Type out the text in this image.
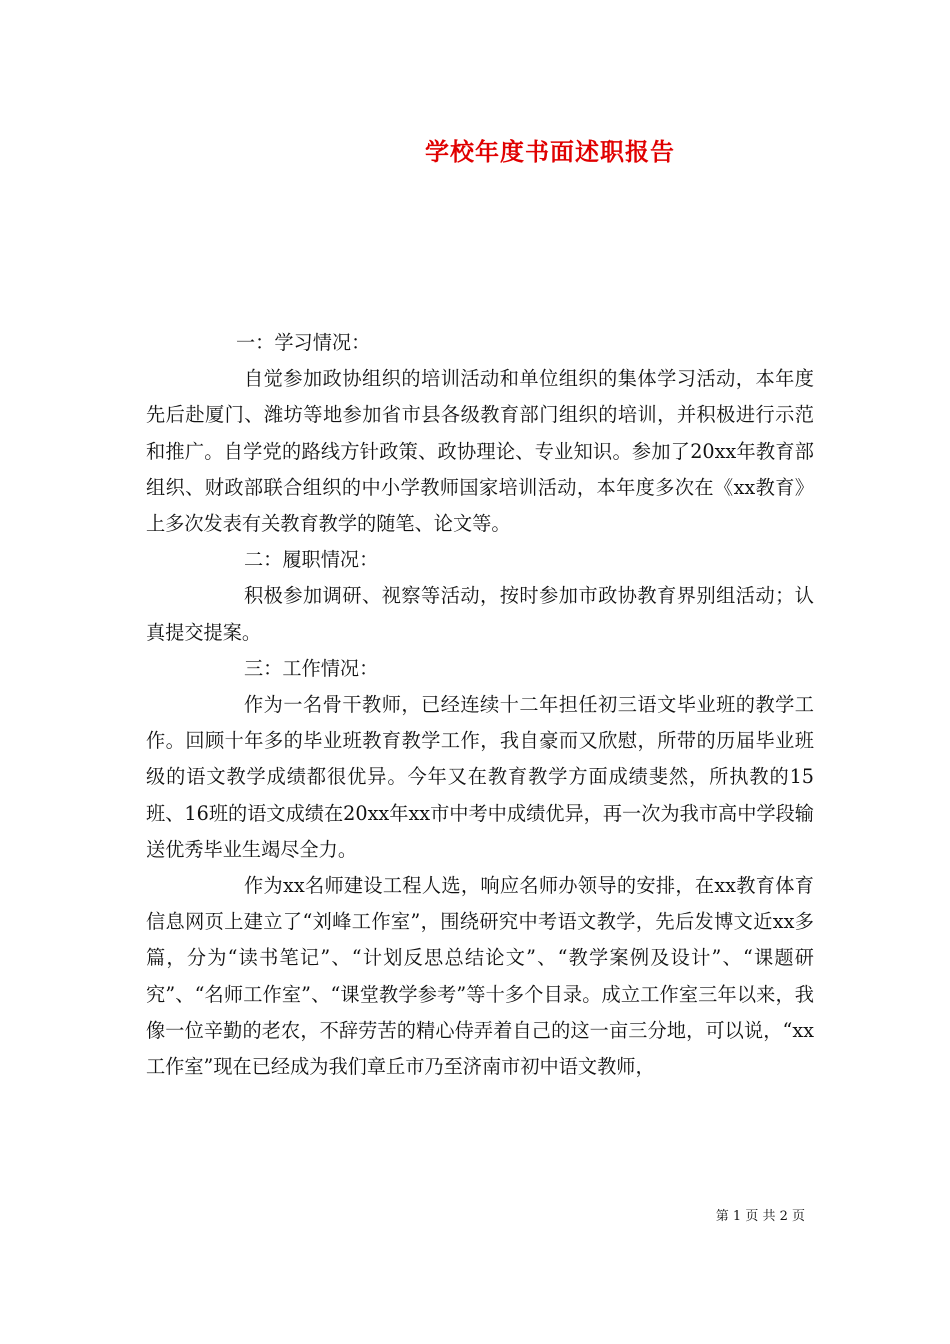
学校年度书面述职报告

一：学习情况：

自觉参加政协组织的培训活动和单位组织的集体学习活动，本年度先后赴厦门、潍坊等地参加省市县各级教育部门组织的培训，并积极进行示范和推广。自学党的路线方针政策、政协理论、专业知识。参加了20xx年教育部组织、财政部联合组织的中小学教师国家培训活动，本年度多次在《xx教育》上多次发表有关教育教学的随笔、论文等。

二：履职情况：

积极参加调研、视察等活动，按时参加市政协教育界别组活动；认真提交提案。

三：工作情况：

作为一名骨干教师，已经连续十二年担任初三语文毕业班的教学工作。回顾十年多的毕业班教育教学工作，我自豪而又欣慰，所带的历届毕业班级的语文教学成绩都很优异。今年又在教育教学方面成绩斐然，所执教的15班、16班的语文成绩在20xx年xx市中考中成绩优异，再一次为我市高中学段输送优秀毕业生竭尽全力。

作为xx名师建设工程人选，响应名师办领导的安排，在xx教育体育信息网页上建立了“刘峰工作室”，围绕研究中考语文教学，先后发博文近xx多篇，分为“读书笔记”、“计划反思总结论文”、“教学案例及设计”、“课题研究”、“名师工作室”、“课堂教学参考”等十多个目录。成立工作室三年以来，我像一位辛勤的老农，不辞劳苦的精心侍弄着自己的这一亩三分地，可以说，“xx工作室”现在已经成为我们章丘市乃至济南市初中语文教师，

第 1 页 共 2 页
